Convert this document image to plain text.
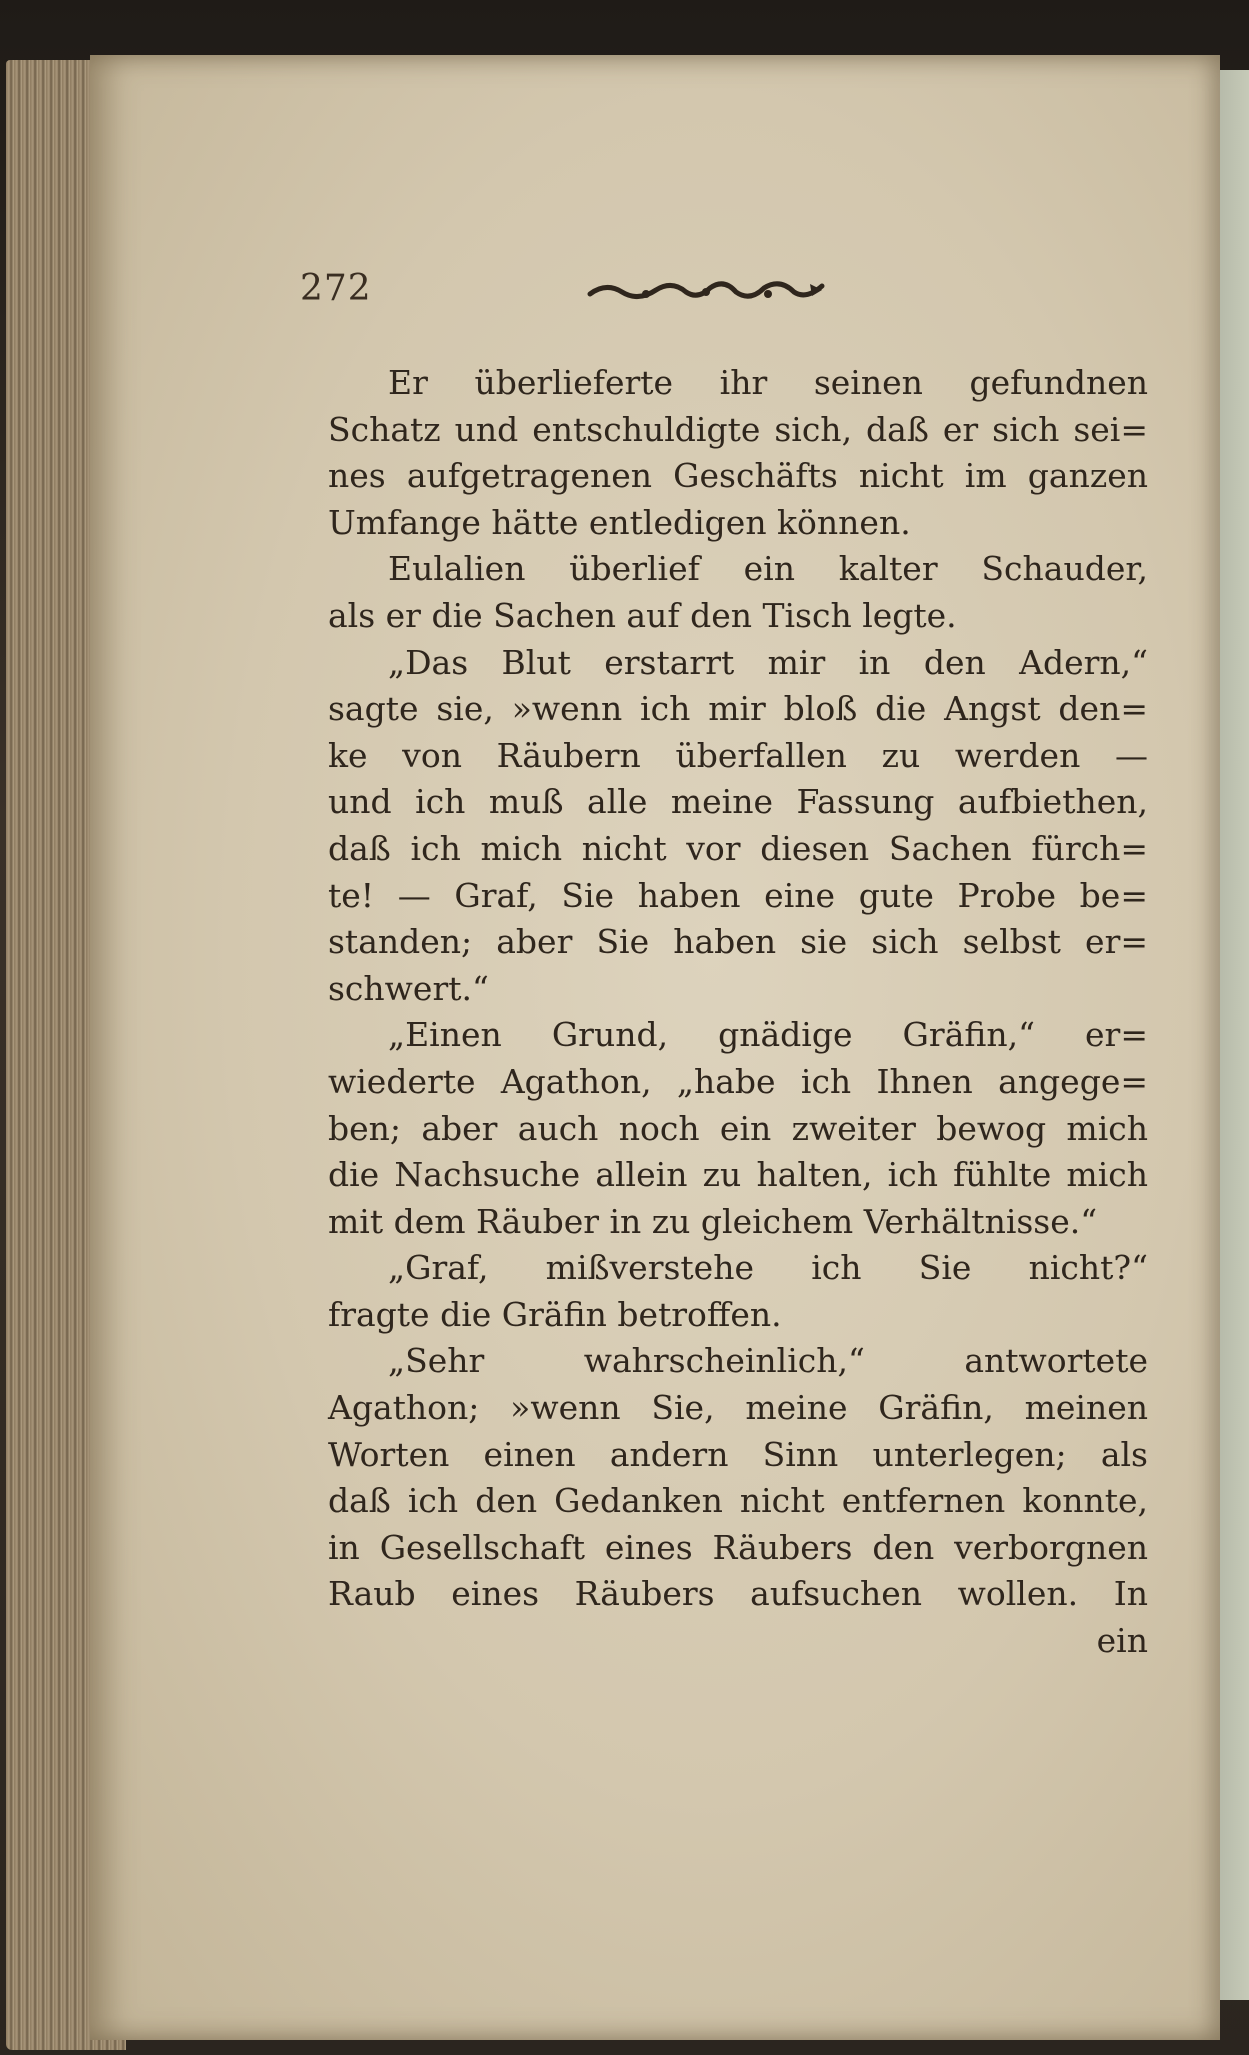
272
Er überlieferte ihr seinen gefundnen
Schatz und entschuldigte sich, daß er sich sei=
nes aufgetragenen Geschäfts nicht im ganzen
Umfange hätte entledigen können.
Eulalien überlief ein kalter Schauder,
als er die Sachen auf den Tisch legte.
„Das Blut erstarrt mir in den Adern,“
sagte sie, »wenn ich mir bloß die Angst den=
ke von Räubern überfallen zu werden —
und ich muß alle meine Fassung aufbiethen,
daß ich mich nicht vor diesen Sachen fürch=
te! — Graf, Sie haben eine gute Probe be=
standen; aber Sie haben sie sich selbst er=
schwert.“
„Einen Grund, gnädige Gräfin,“ er=
wiederte Agathon, „habe ich Ihnen angege=
ben; aber auch noch ein zweiter bewog mich
die Nachsuche allein zu halten, ich fühlte mich
mit dem Räuber in zu gleichem Verhältnisse.“
„Graf, mißverstehe ich Sie nicht?“
fragte die Gräfin betroffen.
„Sehr wahrscheinlich,“ antwortete
Agathon; »wenn Sie, meine Gräfin, meinen
Worten einen andern Sinn unterlegen; als
daß ich den Gedanken nicht entfernen konnte,
in Gesellschaft eines Räubers den verborgnen
Raub eines Räubers aufsuchen wollen. In
ein
